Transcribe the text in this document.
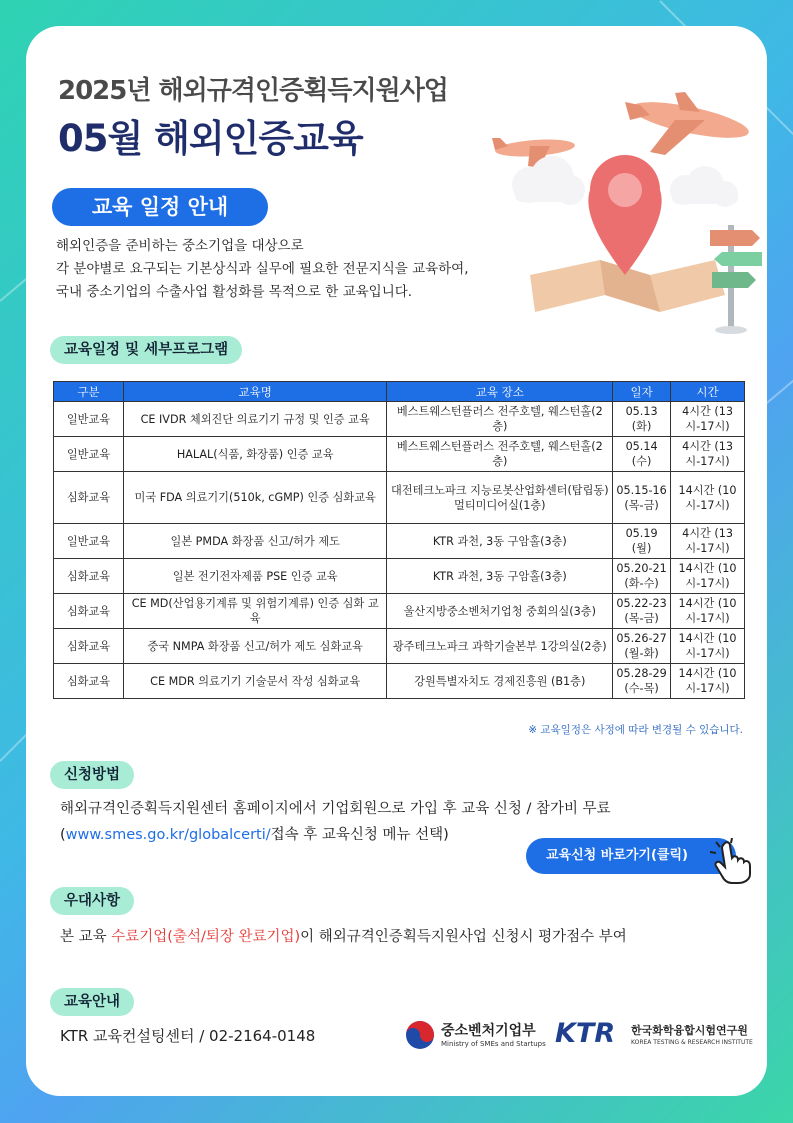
2025년 해외규격인증획득지원사업
05월 해외인증교육
교육 일정 안내
해외인증을 준비하는 중소기업을 대상으로
각 분야별로 요구되는 기본상식과 실무에 필요한 전문지식을 교육하여,
국내 중소기업의 수출사업 활성화를 목적으로 한 교육입니다.
교육일정 및 세부프로그램
구분	교육명	교육 장소	일자	시간
일반교육	CE IVDR 체외진단 의료기기 규정 및 인증 교육	베스트웨스턴플러스 전주호텔, 웨스턴홀(2층)	05.13 (화)	4시간 (13시-17시)
일반교육	HALAL(식품, 화장품) 인증 교육	베스트웨스턴플러스 전주호텔, 웨스턴홀(2층)	05.14 (수)	4시간 (13시-17시)
심화교육	미국 FDA 의료기기(510k, cGMP) 인증 심화교육	대전테크노파크 지능로봇산업화센터(탑립동) 멀티미디어실(1층)	05.15-16 (목-금)	14시간 (10시-17시)
일반교육	일본 PMDA 화장품 신고/허가 제도	KTR 과천, 3동 구암홀(3층)	05.19 (월)	4시간 (13시-17시)
심화교육	일본 전기전자제품 PSE 인증 교육	KTR 과천, 3동 구암홀(3층)	05.20-21 (화-수)	14시간 (10시-17시)
심화교육	CE MD(산업용기계류 및 위험기계류) 인증 심화 교육	울산지방중소벤처기업청 중회의실(3층)	05.22-23 (목-금)	14시간 (10시-17시)
심화교육	중국 NMPA 화장품 신고/허가 제도 심화교육	광주테크노파크 과학기술본부 1강의실(2층)	05.26-27 (월-화)	14시간 (10시-17시)
심화교육	CE MDR 의료기기 기술문서 작성 심화교육	강원특별자치도 경제진흥원 (B1층)	05.28-29 (수-목)	14시간 (10시-17시)
※ 교육일정은 사정에 따라 변경될 수 있습니다.
신청방법
해외규격인증획득지원센터 홈페이지에서 기업회원으로 가입 후 교육 신청 / 참가비 무료
(www.smes.go.kr/globalcerti/접속 후 교육신청 메뉴 선택)
교육신청 바로가기(클릭)
우대사항
본 교육 수료기업(출석/퇴장 완료기업)이 해외규격인증획득지원사업 신청시 평가점수 부여
교육안내
KTR 교육컨설팅센터 / 02-2164-0148	중소벤처기업부
Ministry of SMEs and Startups KTR 한국화학융합시험연구원
KOREA TESTING & RESEARCH INSTITUTE
